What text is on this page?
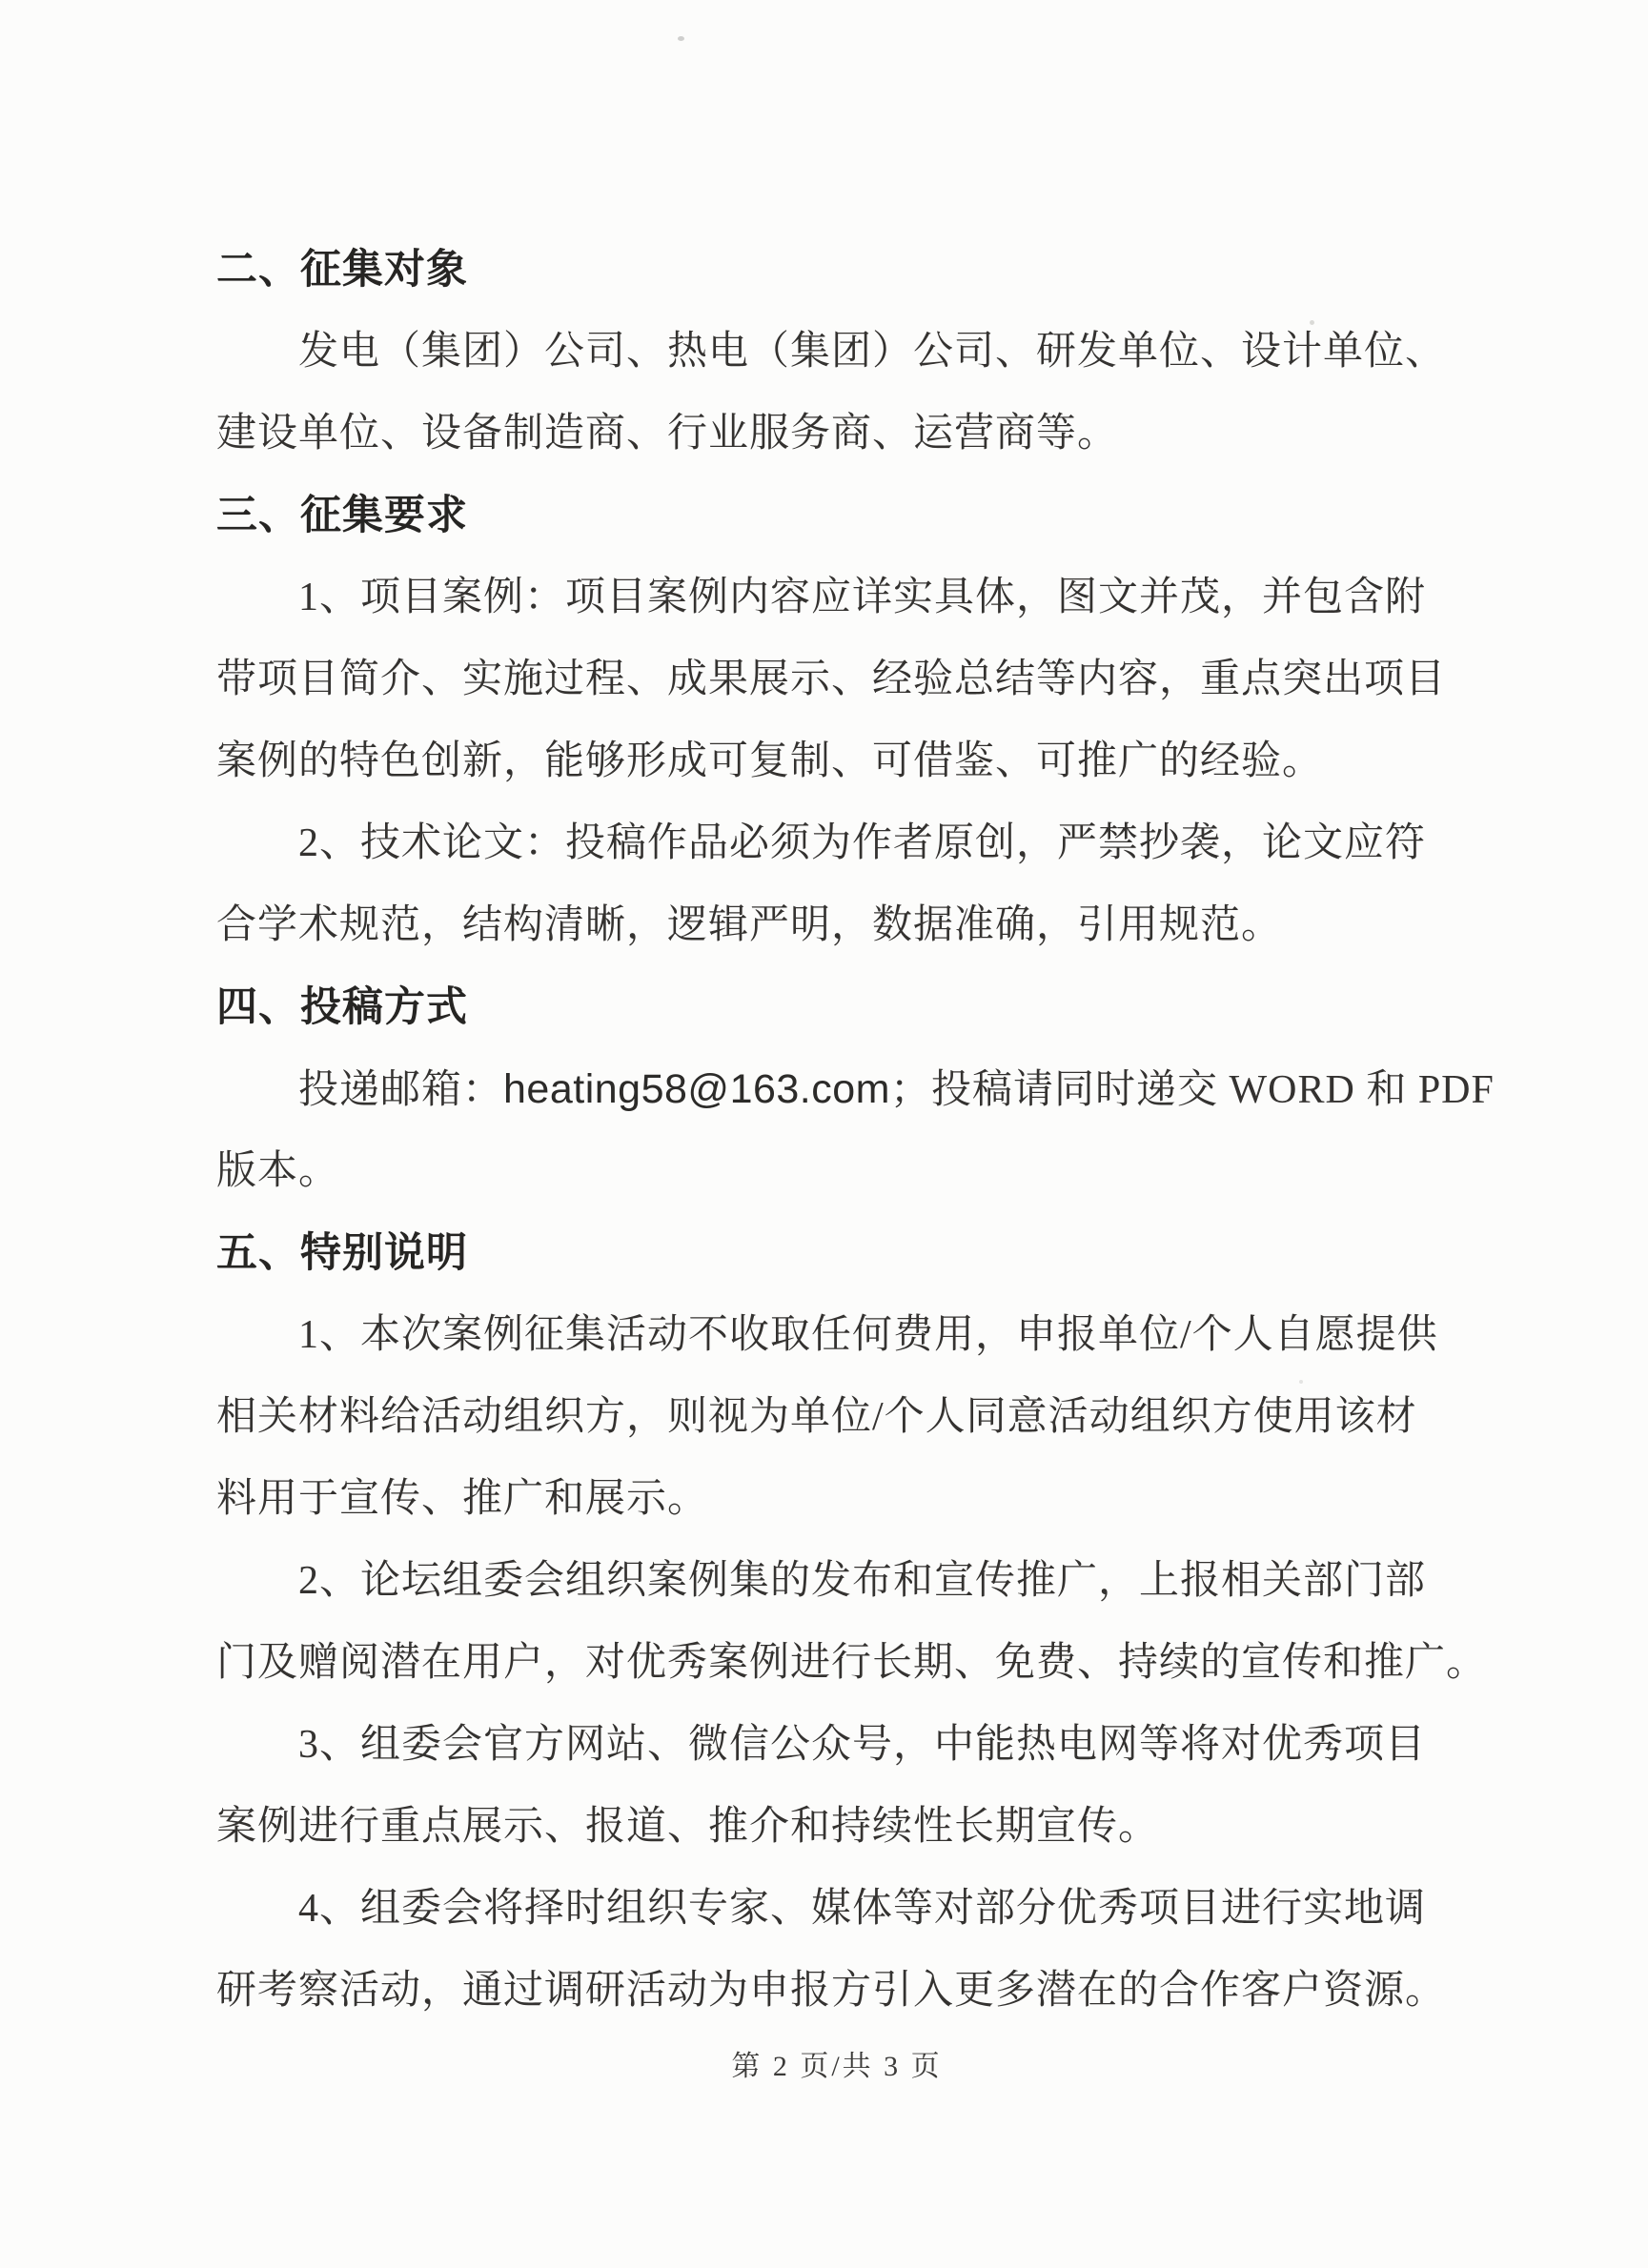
二、征集对象
发电（集团）公司、热电（集团）公司、研发单位、设计单位、
建设单位、设备制造商、行业服务商、运营商等。
三、征集要求
1、项目案例：项目案例内容应详实具体，图文并茂，并包含附
带项目简介、实施过程、成果展示、经验总结等内容，重点突出项目
案例的特色创新，能够形成可复制、可借鉴、可推广的经验。
2、技术论文：投稿作品必须为作者原创，严禁抄袭，论文应符
合学术规范，结构清晰，逻辑严明，数据准确，引用规范。
四、投稿方式
投递邮箱：heating58@163.com；投稿请同时递交 WORD 和 PDF
版本。
五、特别说明
1、本次案例征集活动不收取任何费用，申报单位/个人自愿提供
相关材料给活动组织方，则视为单位/个人同意活动组织方使用该材
料用于宣传、推广和展示。
2、论坛组委会组织案例集的发布和宣传推广，上报相关部门部
门及赠阅潜在用户，对优秀案例进行长期、免费、持续的宣传和推广。
3、组委会官方网站、微信公众号，中能热电网等将对优秀项目
案例进行重点展示、报道、推介和持续性长期宣传。
4、组委会将择时组织专家、媒体等对部分优秀项目进行实地调
研考察活动，通过调研活动为申报方引入更多潜在的合作客户资源。
第 2 页/共 3 页
